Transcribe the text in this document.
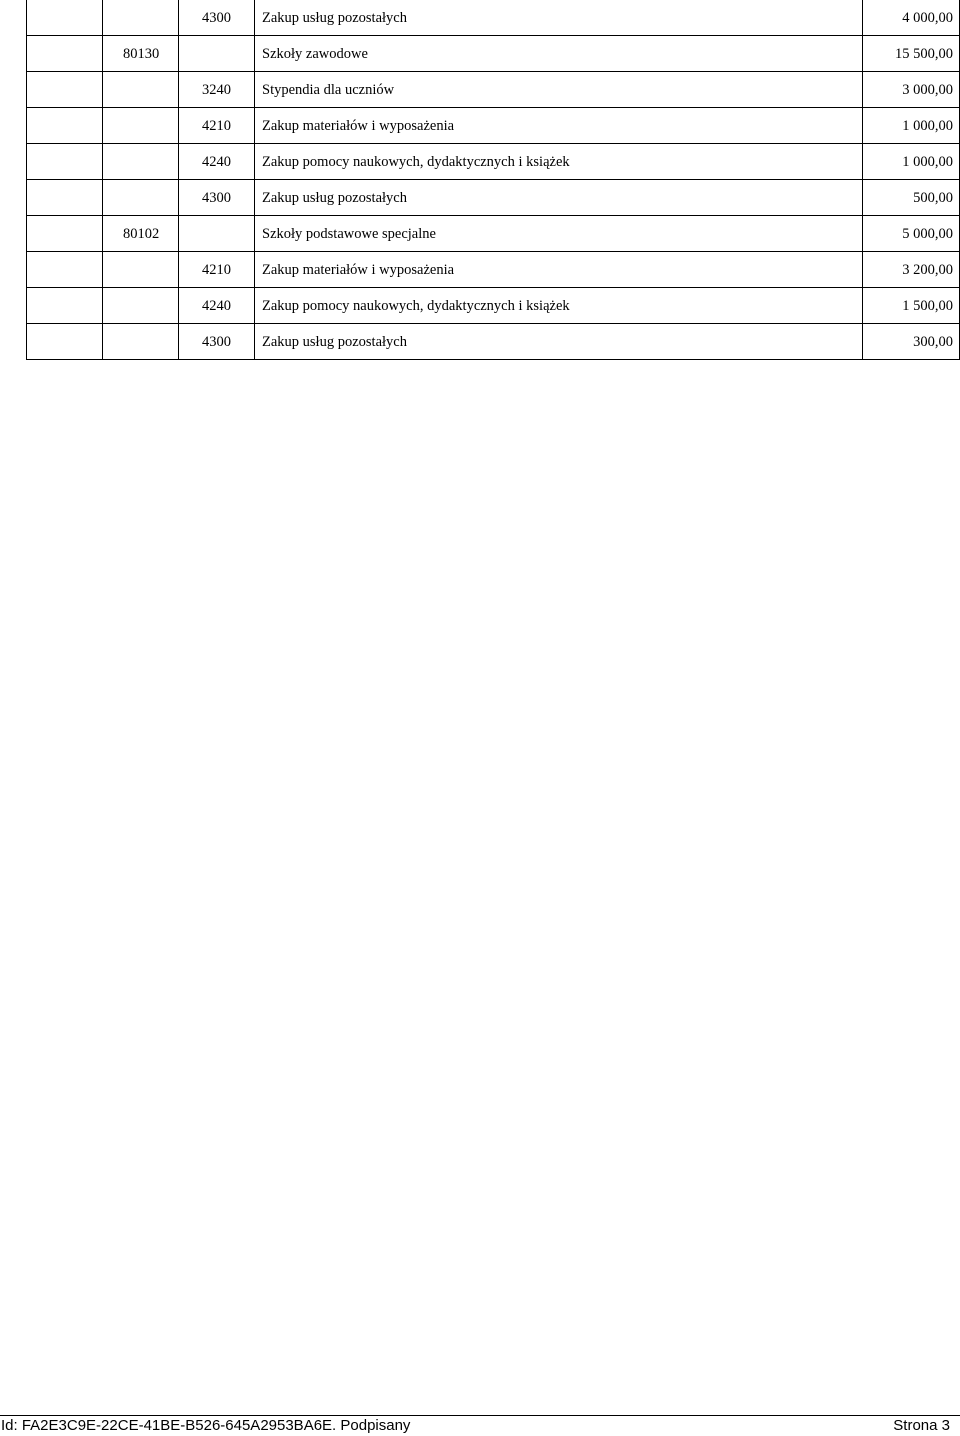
		4300	Zakup usług pozostałych	4 000,00
	80130		Szkoły zawodowe	15 500,00
		3240	Stypendia dla uczniów	3 000,00
		4210	Zakup materiałów i wyposażenia	1 000,00
		4240	Zakup pomocy naukowych, dydaktycznych i książek	1 000,00
		4300	Zakup usług pozostałych	500,00
	80102		Szkoły podstawowe specjalne	5 000,00
		4210	Zakup materiałów i wyposażenia	3 200,00
		4240	Zakup pomocy naukowych, dydaktycznych i książek	1 500,00
		4300	Zakup usług pozostałych	300,00
Id: FA2E3C9E-22CE-41BE-B526-645A2953BA6E. Podpisany	Strona 3
